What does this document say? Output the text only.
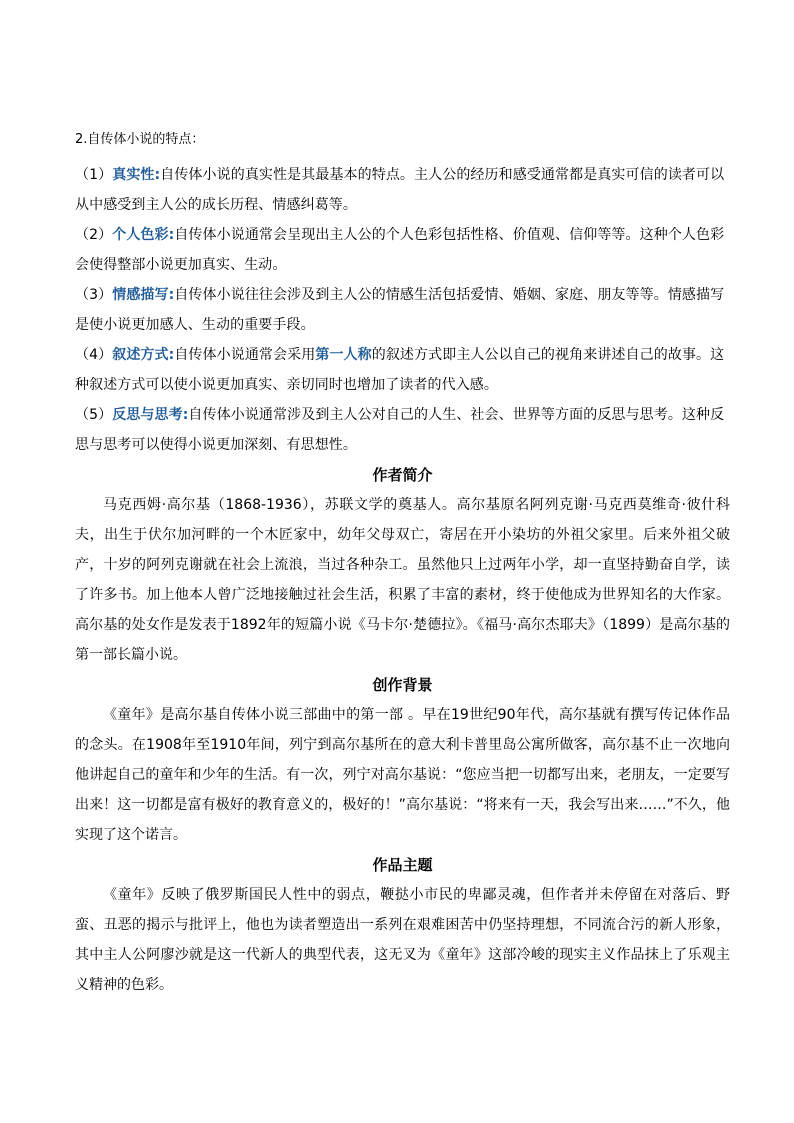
2.自传体小说的特点：

（1）真实性:自传体小说的真实性是其最基本的特点。主人公的经历和感受通常都是真实可信的读者可以从中感受到主人公的成长历程、情感纠葛等。

（2）个人色彩:自传体小说通常会呈现出主人公的个人色彩包括性格、价值观、信仰等等。这种个人色彩会使得整部小说更加真实、生动。

（3）情感描写:自传体小说往往会涉及到主人公的情感生活包括爱情、婚姻、家庭、朋友等等。情感描写是使小说更加感人、生动的重要手段。

（4）叙述方式:自传体小说通常会采用第一人称的叙述方式即主人公以自己的视角来讲述自己的故事。这种叙述方式可以使小说更加真实、亲切同时也增加了读者的代入感。

（5）反思与思考:自传体小说通常涉及到主人公对自己的人生、社会、世界等方面的反思与思考。这种反思与思考可以使得小说更加深刻、有思想性。

作者简介

马克西姆·高尔基（1868-1936），苏联文学的奠基人。高尔基原名阿列克谢·马克西莫维奇·彼什科夫，出生于伏尔加河畔的一个木匠家中，幼年父母双亡，寄居在开小染坊的外祖父家里。后来外祖父破产，十岁的阿列克谢就在社会上流浪，当过各种杂工。虽然他只上过两年小学，却一直坚持勤奋自学，读了许多书。加上他本人曾广泛地接触过社会生活，积累了丰富的素材，终于使他成为世界知名的大作家。 高尔基的处女作是发表于1892年的短篇小说《马卡尔·楚德拉》。《福马·高尔杰耶夫》（1899）是高尔基的第一部长篇小说。

创作背景

《童年》是高尔基自传体小说三部曲中的第一部 。早在19世纪90年代，高尔基就有撰写传记体作品的念头。在1908年至1910年间，列宁到高尔基所在的意大利卡普里岛公寓所做客，高尔基不止一次地向他讲起自己的童年和少年的生活。有一次，列宁对高尔基说：“您应当把一切都写出来，老朋友，一定要写出来！这一切都是富有极好的教育意义的，极好的！”高尔基说：“将来有一天，我会写出来……”不久，他实现了这个诺言。

作品主题

《童年》反映了俄罗斯国民人性中的弱点，鞭挞小市民的卑鄙灵魂，但作者并未停留在对落后、野蛮、丑恶的揭示与批评上，他也为读者塑造出一系列在艰难困苦中仍坚持理想，不同流合污的新人形象，其中主人公阿廖沙就是这一代新人的典型代表，这无叉为《童年》这部冷峻的现实主义作品抹上了乐观主义精神的色彩。
